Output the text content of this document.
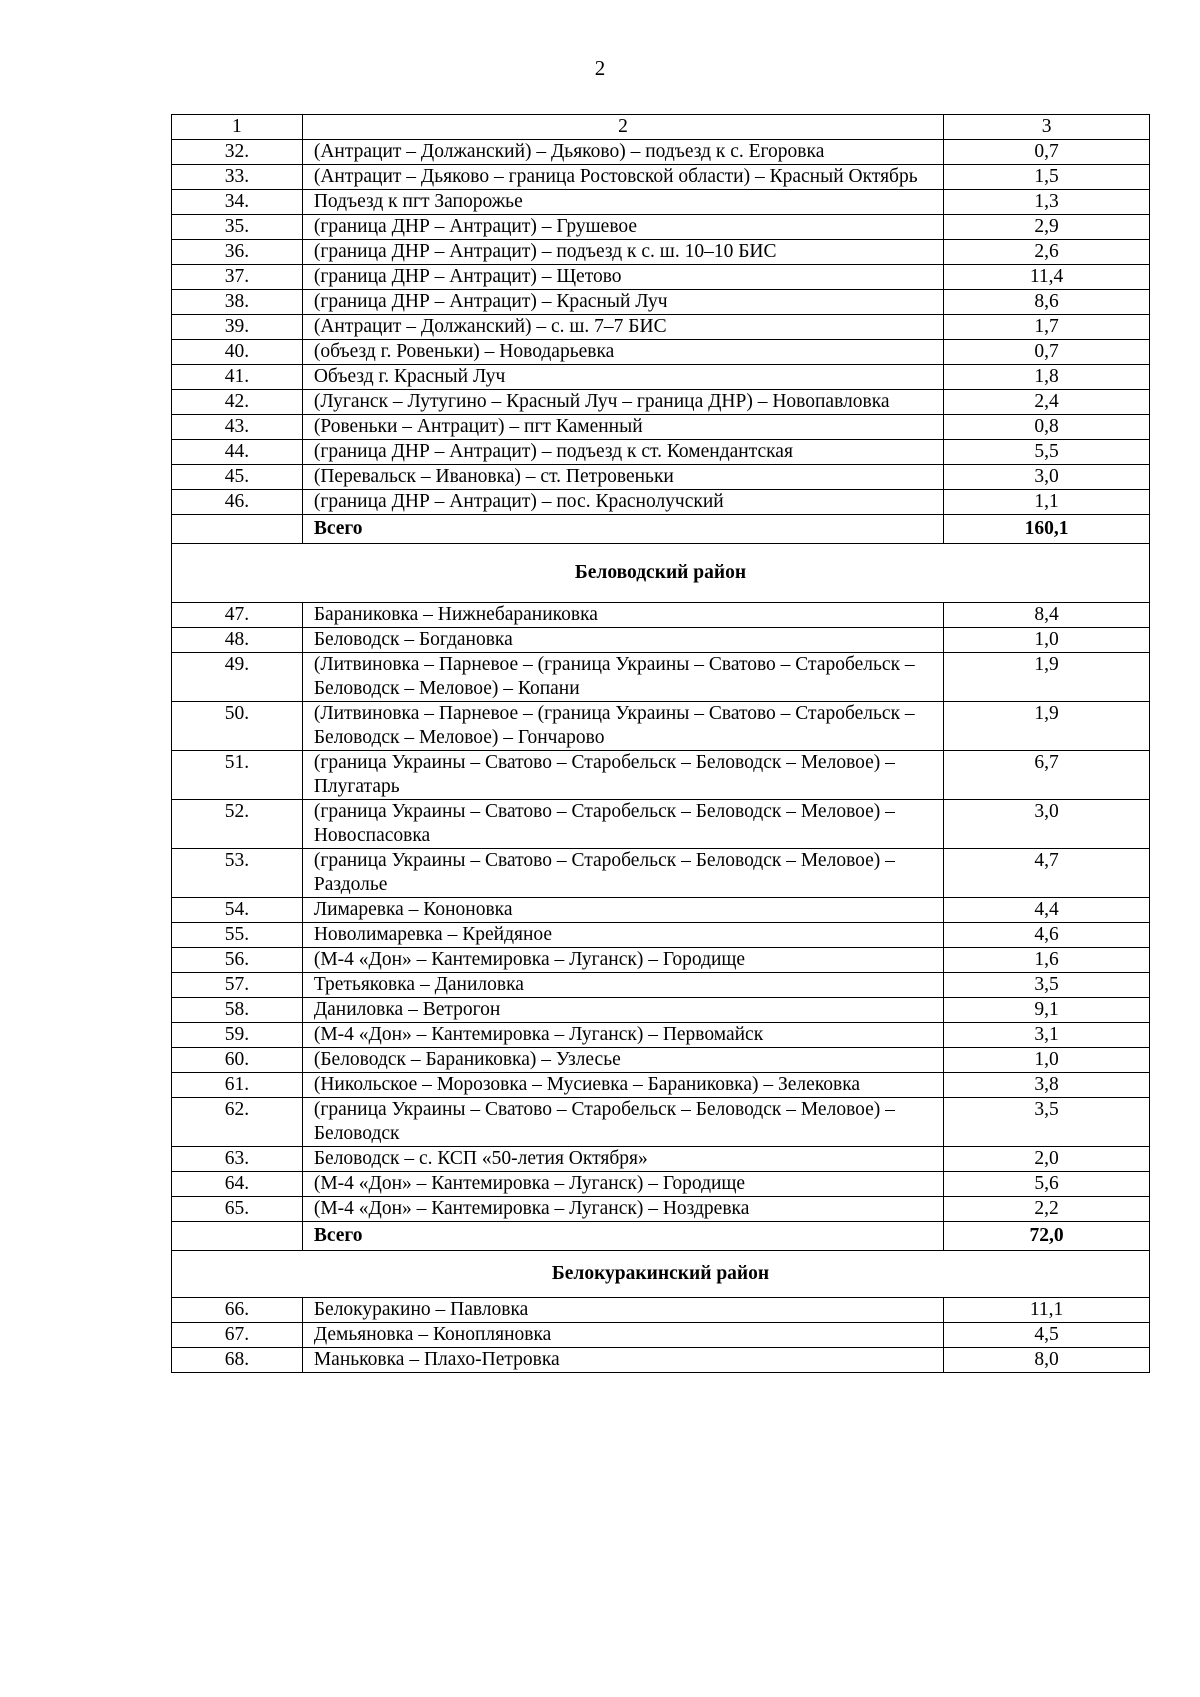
2
1	2	3
32.	(Антрацит – Должанский) – Дьяково) – подъезд к с. Егоровка	0,7
33.	(Антрацит – Дьяково – граница Ростовской области) – Красный Октябрь	1,5
34.	Подъезд к пгт Запорожье	1,3
35.	(граница ДНР – Антрацит) – Грушевое	2,9
36.	(граница ДНР – Антрацит) – подъезд к с. ш. 10–10 БИС	2,6
37.	(граница ДНР – Антрацит) – Щетово	11,4
38.	(граница ДНР – Антрацит) – Красный Луч	8,6
39.	(Антрацит – Должанский) – с. ш. 7–7 БИС	1,7
40.	(объезд г. Ровеньки) – Новодарьевка	0,7
41.	Объезд г. Красный Луч	1,8
42.	(Луганск – Лутугино – Красный Луч – граница ДНР) – Новопавловка	2,4
43.	(Ровеньки – Антрацит) – пгт Каменный	0,8
44.	(граница ДНР – Антрацит) – подъезд к ст. Комендантская	5,5
45.	(Перевальск – Ивановка) – ст. Петровеньки	3,0
46.	(граница ДНР – Антрацит) – пос. Краснолучский	1,1
	Всего	160,1
Беловодский район		
47.	Бараниковка – Нижнебараниковка	8,4
48.	Беловодск – Богдановка	1,0
49.	(Литвиновка – Парневое – (граница Украины – Сватово – Старобельск – Беловодск – Меловое) – Копани	1,9
50.	(Литвиновка – Парневое – (граница Украины – Сватово – Старобельск – Беловодск – Меловое) – Гончарово	1,9
51.	(граница Украины – Сватово – Старобельск – Беловодск – Меловое) – Плугатарь	6,7
52.	(граница Украины – Сватово – Старобельск – Беловодск – Меловое) – Новоспасовка	3,0
53.	(граница Украины – Сватово – Старобельск – Беловодск – Меловое) – Раздолье	4,7
54.	Лимаревка – Кононовка	4,4
55.	Новолимаревка – Крейдяное	4,6
56.	(М-4 «Дон» – Кантемировка – Луганск) – Городище	1,6
57.	Третьяковка – Даниловка	3,5
58.	Даниловка – Ветрогон	9,1
59.	(М-4 «Дон» – Кантемировка – Луганск) – Первомайск	3,1
60.	(Беловодск – Бараниковка) – Узлесье	1,0
61.	(Никольское – Морозовка – Мусиевка – Бараниковка) – Зелековка	3,8
62.	(граница Украины – Сватово – Старобельск – Беловодск – Меловое) – Беловодск	3,5
63.	Беловодск – с. КСП «50-летия Октября»	2,0
64.	(М-4 «Дон» – Кантемировка – Луганск) – Городище	5,6
65.	(М-4 «Дон» – Кантемировка – Луганск) – Ноздревка	2,2
	Всего	72,0
Белокуракинский район		
66.	Белокуракино – Павловка	11,1
67.	Демьяновка – Конопляновка	4,5
68.	Маньковка – Плахо-Петровка	8,0
